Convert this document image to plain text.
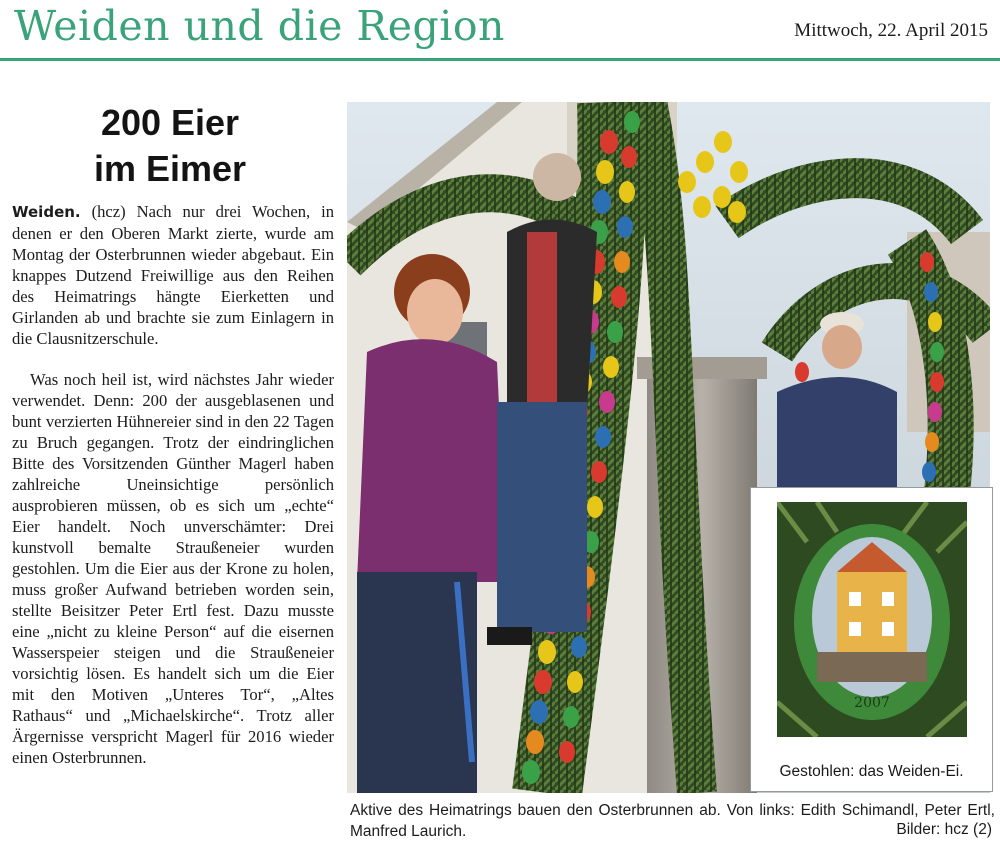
Weiden und die Region	Mittwoch, 22. April 2015
200 Eier
im Eimer

Weiden. (hcz) Nach nur drei Wochen, in denen er den Oberen Markt zierte, wurde am Montag der Osterbrunnen wieder abgebaut. Ein knappes Dutzend Freiwillige aus den Reihen des Heimatrings hängte Eierketten und Girlanden ab und brachte sie zum Einlagern in die Clausnitzerschule.

Was noch heil ist, wird nächstes Jahr wieder verwendet. Denn: 200 der ausgeblasenen und bunt verzierten Hühnereier sind in den 22 Tagen zu Bruch gegangen. Trotz der eindringlichen Bitte des Vorsitzenden Günther Magerl haben zahlreiche Uneinsichtige persönlich ausprobieren müssen, ob es sich um „echte“ Eier handelt. Noch unverschämter: Drei kunstvoll bemalte Straußeneier wurden gestohlen. Um die Eier aus der Krone zu holen, muss großer Aufwand betrieben worden sein, stellte Beisitzer Peter Ertl fest. Dazu musste eine „nicht zu kleine Person“ auf die eisernen Wasserspeier steigen und die Straußeneier vorsichtig lösen. Es handelt sich um die Eier mit den Motiven „Unteres Tor“, „Altes Rathaus“ und „Michaelskirche“. Trotz aller Ärgernisse verspricht Magerl für 2016 wieder einen Osterbrunnen.

2007
Gestohlen: das Weiden-Ei.
Aktive des Heimatrings bauen den Osterbrunnen ab. Von links: Edith Schimandl, Peter Ertl, Manfred Laurich.	Bilder: hcz (2)
